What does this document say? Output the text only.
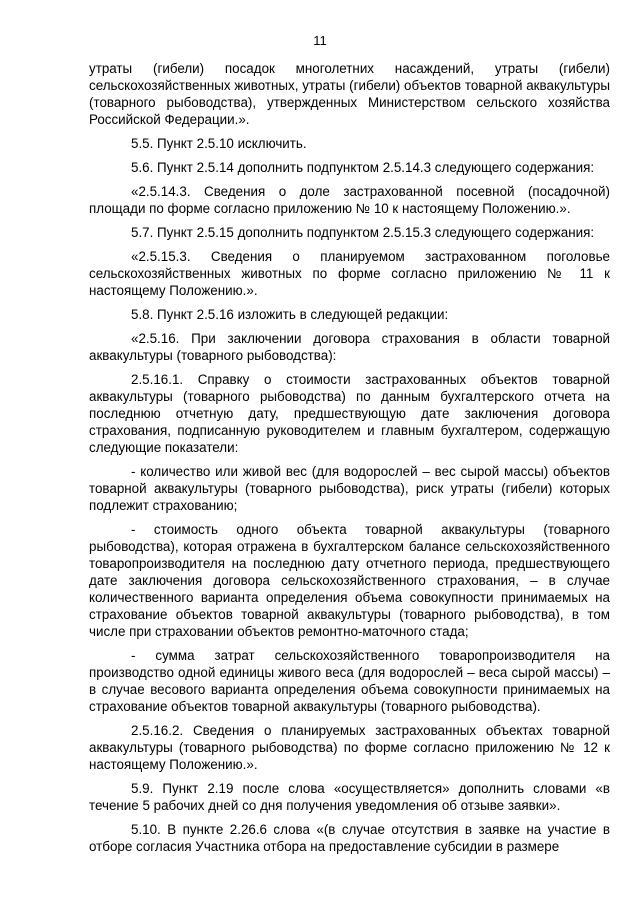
11

утраты (гибели) посадок многолетних насаждений, утраты (гибели) сельскохозяйственных животных, утраты (гибели) объектов товарной аквакультуры (товарного рыбоводства), утвержденных Министерством сельского хозяйства Российской Федерации.».

5.5. Пункт 2.5.10 исключить.

5.6. Пункт 2.5.14 дополнить подпунктом 2.5.14.3 следующего содержания:

«2.5.14.3. Сведения о доле застрахованной посевной (посадочной) площади по форме согласно приложению № 10 к настоящему Положению.».

5.7. Пункт 2.5.15 дополнить подпунктом 2.5.15.3 следующего содержания:

«2.5.15.3. Сведения о планируемом застрахованном поголовье сельскохозяйственных животных по форме согласно приложению № 11 к настоящему Положению.».

5.8. Пункт 2.5.16 изложить в следующей редакции:

«2.5.16. При заключении договора страхования в области товарной аквакультуры (товарного рыбоводства):

2.5.16.1. Справку о стоимости застрахованных объектов товарной аквакультуры (товарного рыбоводства) по данным бухгалтерского отчета на последнюю отчетную дату, предшествующую дате заключения договора страхования, подписанную руководителем и главным бухгалтером, содержащую следующие показатели:

- количество или живой вес (для водорослей – вес сырой массы) объектов товарной аквакультуры (товарного рыбоводства), риск утраты (гибели) которых подлежит страхованию;

- стоимость одного объекта товарной аквакультуры (товарного рыбоводства), которая отражена в бухгалтерском балансе сельскохозяйственного товаропроизводителя на последнюю дату отчетного периода, предшествующего дате заключения договора сельскохозяйственного страхования, – в случае количественного варианта определения объема совокупности принимаемых на страхование объектов товарной аквакультуры (товарного рыбоводства), в том числе при страховании объектов ремонтно-маточного стада;

- сумма затрат сельскохозяйственного товаропроизводителя на производство одной единицы живого веса (для водорослей – веса сырой массы) – в случае весового варианта определения объема совокупности принимаемых на страхование объектов товарной аквакультуры (товарного рыбоводства).

2.5.16.2. Сведения о планируемых застрахованных объектах товарной аквакультуры (товарного рыбоводства) по форме согласно приложению № 12 к настоящему Положению.».

5.9. Пункт 2.19 после слова «осуществляется» дополнить словами «в течение 5 рабочих дней со дня получения уведомления об отзыве заявки».

5.10. В пункте 2.26.6 слова «(в случае отсутствия в заявке на участие в отборе согласия Участника отбора на предоставление субсидии в размере
